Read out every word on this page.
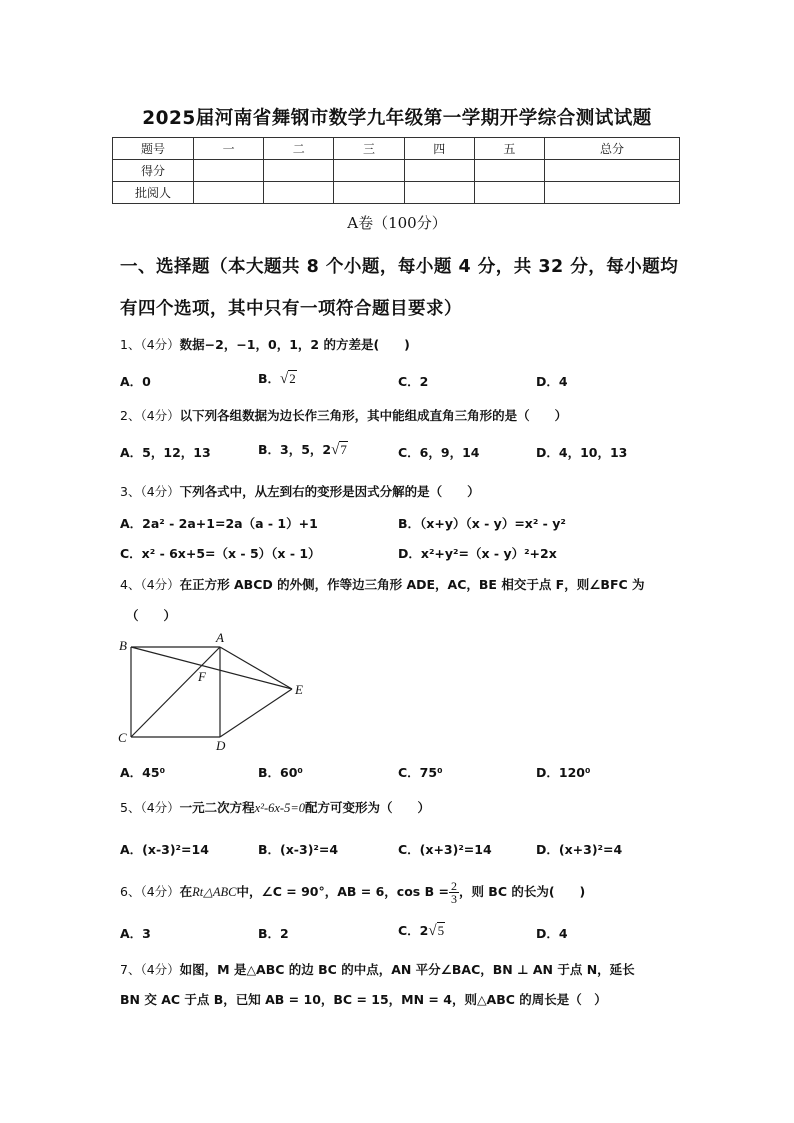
2025届河南省舞钢市数学九年级第一学期开学综合测试试题
题号	一	二	三	四	五	总分
得分						
批阅人						
A卷（100分）
一、选择题（本大题共 8 个小题，每小题 4 分，共 32 分，每小题均
有四个选项，其中只有一项符合题目要求）
1、（4分）数据−2，−1，0，1，2 的方差是(　　)
A．0	B．√2	C．2	D．4
2、（4分）以下列各组数据为边长作三角形，其中能组成直角三角形的是（　　）
A．5，12，13	B．3，5，2√7	C．6，9，14	D．4，10，13
3、（4分）下列各式中，从左到右的变形是因式分解的是（　　）
A．2a² - 2a+1=2a（a - 1）+1	B．（x+y）（x - y）=x² - y²
C．x² - 6x+5=（x - 5）（x - 1）	D．x²+y²=（x - y）²+2x
4、（4分）在正方形 ABCD 的外侧，作等边三角形 ADE，AC，BE 相交于点 F，则∠BFC 为
（　　）
B
A
F
E
C
D
A．45⁰	B．60⁰	C．75⁰	D．120⁰
5、（4分）一元二次方程x²-6x-5=0配方可变形为（　　）
A．(x-3)²=14	B．(x-3)²=4	C．(x+3)²=14	D．(x+3)²=4
6、（4分）在Rt△ABC中，∠C = 90°，AB = 6，$\cos B = \frac{2}{3}$ ，则 BC 的长为(　　)
A．3	B．2	C．2√5	D．4
7、（4分）如图，M 是△ABC 的边 BC 的中点，AN 平分∠BAC，BN ⊥ AN 于点 N，延长
BN 交 AC 于点 B，已知 AB = 10，BC = 15，MN = 4，则△ABC 的周长是（　）
